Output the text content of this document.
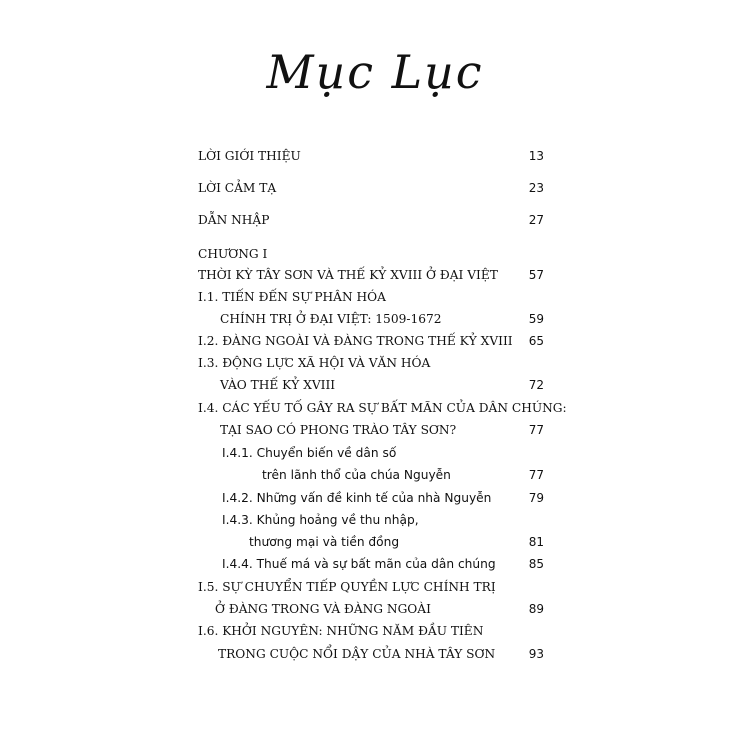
Mục Lục
LỜI GIỚI THIỆU	13
LỜI CẢM TẠ	23
DẪN NHẬP	27
CHƯƠNG I
THỜI KỲ TÂY SƠN VÀ THẾ KỶ XVIII Ở ĐẠI VIỆT	57
I.1. TIẾN ĐẾN SỰ PHÂN HÓA
CHÍNH TRỊ Ở ĐẠI VIỆT: 1509-1672	59
I.2. ĐÀNG NGOÀI VÀ ĐÀNG TRONG THẾ KỶ XVIII 65
I.3. ĐỘNG LỰC XÃ HỘI VÀ VĂN HÓA
VÀO THẾ KỶ XVIII	72
I.4. CÁC YẾU TỐ GÂY RA SỰ BẤT MÃN CỦA DÂN CHÚNG:
TẠI SAO CÓ PHONG TRÀO TÂY SƠN?	77
I.4.1. Chuyển biến về dân số
trên lãnh thổ của chúa Nguyễn	77
I.4.2. Những vấn đề kinh tế của nhà Nguyễn	79
I.4.3. Khủng hoảng về thu nhập,
thương mại và tiền đồng	81
I.4.4. Thuế má và sự bất mãn của dân chúng	85
I.5. SỰ CHUYỂN TIẾP QUYỀN LỰC CHÍNH TRỊ
Ở ĐÀNG TRONG VÀ ĐÀNG NGOÀI	89
I.6. KHỞI NGUYÊN: NHỮNG NĂM ĐẦU TIÊN
TRONG CUỘC NỔI DẬY CỦA NHÀ TÂY SƠN	93
